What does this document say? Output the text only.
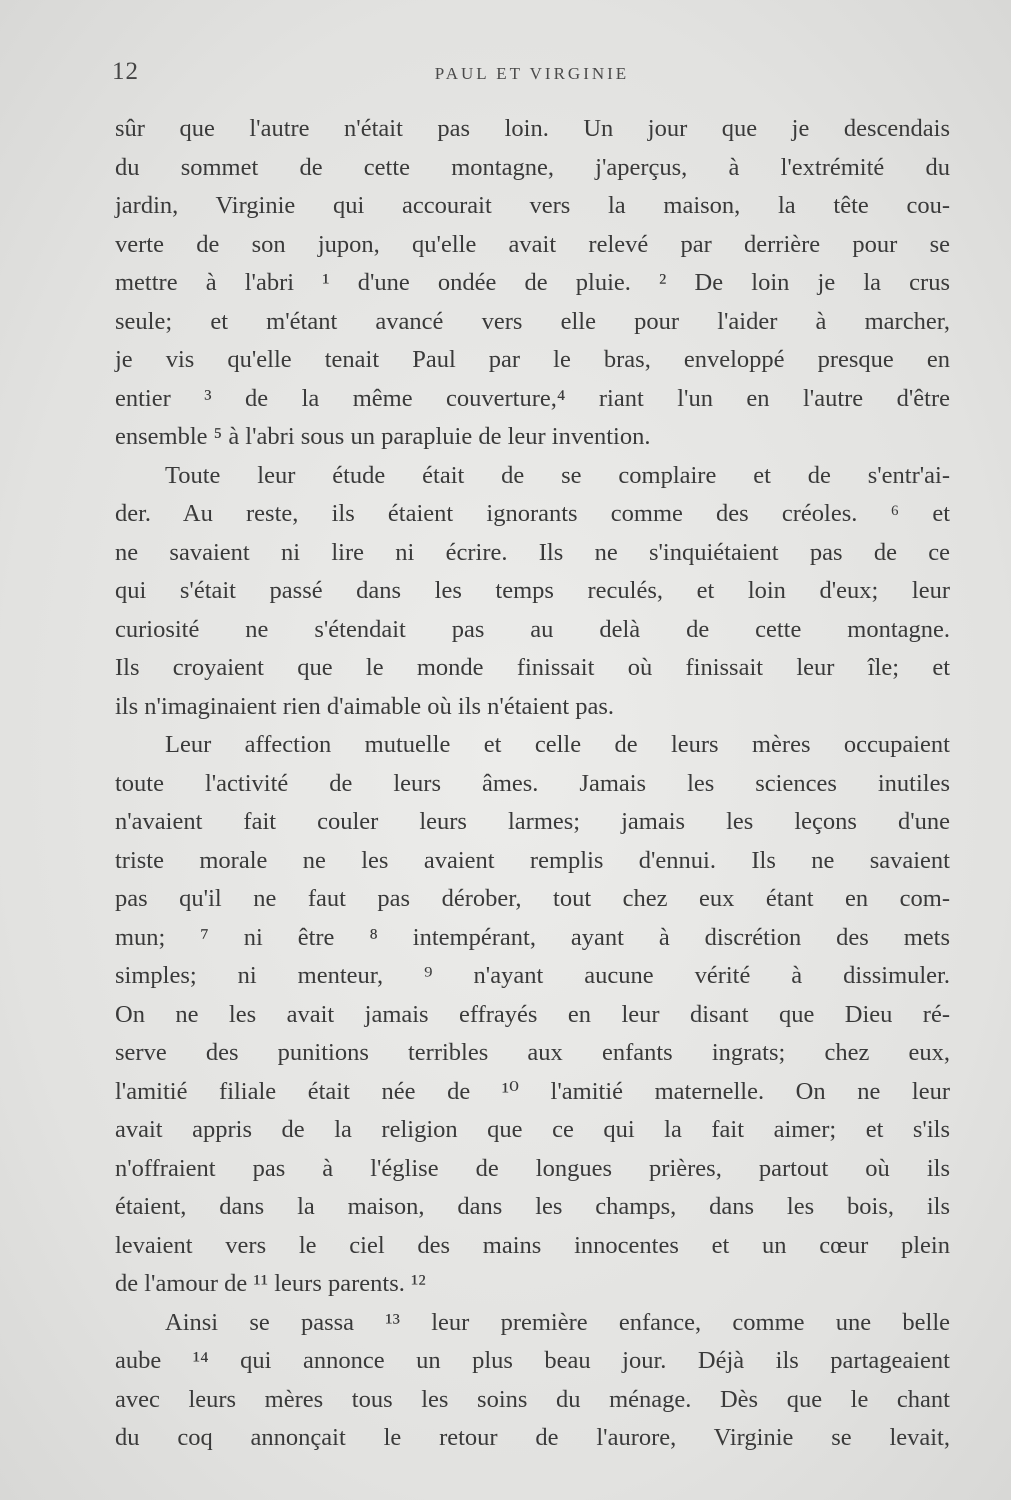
12	PAUL ET VIRGINIE
sûr que l'autre n'était pas loin. Un jour que je descendais
du sommet de cette montagne, j'aperçus, à l'extrémité du
jardin, Virginie qui accourait vers la maison, la tête cou-
verte de son jupon, qu'elle avait relevé par derrière pour se
mettre à l'abri ¹ d'une ondée de pluie. ² De loin je la crus
seule; et m'étant avancé vers elle pour l'aider à marcher,
je vis qu'elle tenait Paul par le bras, enveloppé presque en
entier ³ de la même couverture,⁴ riant l'un en l'autre d'être
ensemble ⁵ à l'abri sous un parapluie de leur invention.
Toute leur étude était de se complaire et de s'entr'ai-
der. Au reste, ils étaient ignorants comme des créoles. ⁶ et
ne savaient ni lire ni écrire. Ils ne s'inquiétaient pas de ce
qui s'était passé dans les temps reculés, et loin d'eux; leur
curiosité ne s'étendait pas au delà de cette montagne.
Ils croyaient que le monde finissait où finissait leur île; et
ils n'imaginaient rien d'aimable où ils n'étaient pas.
Leur affection mutuelle et celle de leurs mères occupaient
toute l'activité de leurs âmes. Jamais les sciences inutiles
n'avaient fait couler leurs larmes; jamais les leçons d'une
triste morale ne les avaient remplis d'ennui. Ils ne savaient
pas qu'il ne faut pas dérober, tout chez eux étant en com-
mun; ⁷ ni être ⁸ intempérant, ayant à discrétion des mets
simples; ni menteur, ⁹ n'ayant aucune vérité à dissimuler.
On ne les avait jamais effrayés en leur disant que Dieu ré-
serve des punitions terribles aux enfants ingrats; chez eux,
l'amitié filiale était née de ¹⁰ l'amitié maternelle. On ne leur
avait appris de la religion que ce qui la fait aimer; et s'ils
n'offraient pas à l'église de longues prières, partout où ils
étaient, dans la maison, dans les champs, dans les bois, ils
levaient vers le ciel des mains innocentes et un cœur plein
de l'amour de ¹¹ leurs parents. ¹²
Ainsi se passa ¹³ leur première enfance, comme une belle
aube ¹⁴ qui annonce un plus beau jour. Déjà ils partageaient
avec leurs mères tous les soins du ménage. Dès que le chant
du coq annonçait le retour de l'aurore, Virginie se levait,
